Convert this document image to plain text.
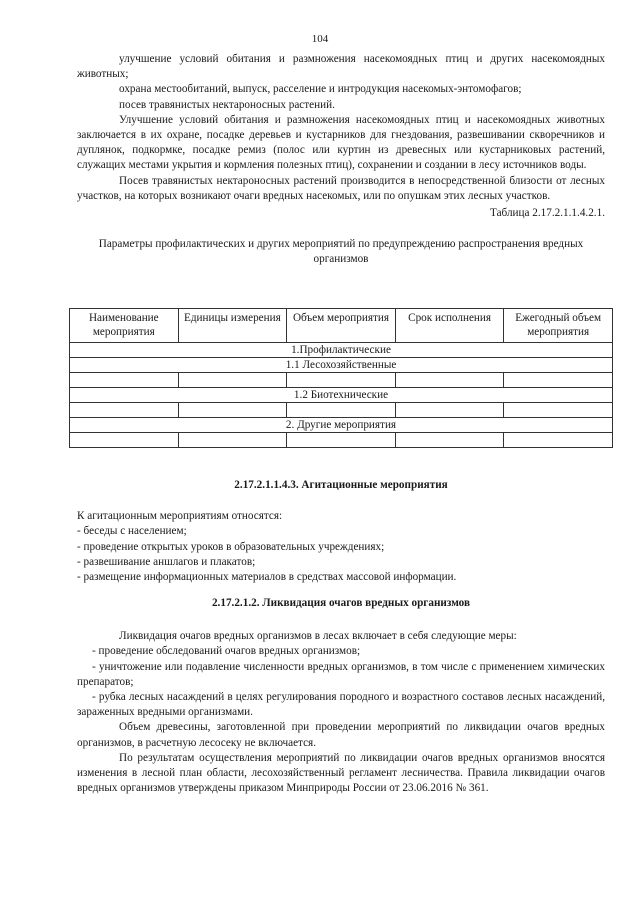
104

улучшение условий обитания и размножения насекомоядных птиц и других насекомоядных животных;

охрана местообитаний, выпуск, расселение и интродукция насекомых-энтомофагов;

посев травянистых нектароносных растений.

Улучшение условий обитания и размножения насекомоядных птиц и насекомоядных животных заключается в их охране, посадке деревьев и кустарников для гнездования, развешивании скворечников и дуплянок, подкормке, посадке ремиз (полос или куртин из древесных или кустарниковых растений, служащих местами укрытия и кормления полезных птиц), сохранении и создании в лесу источников воды.

Посев травянистых нектароносных растений производится в непосредственной близости от лесных участков, на которых возникают очаги вредных насекомых, или по опушкам этих лесных участков.

Таблица 2.17.2.1.1.4.2.1.

Параметры профилактических и других мероприятий по предупреждению распространения вредных организмов

Наименование мероприятия	Единицы измерения	Объем мероприятия	Срок исполнения	Ежегодный объем мероприятия
1.Профилактические				
1.1 Лесохозяйственные				

1.2 Биотехнические				

2. Другие мероприятия				

2.17.2.1.1.4.3. Агитационные мероприятия

К агитационным мероприятиям относятся:

- беседы с населением;

- проведение открытых уроков в образовательных учреждениях;

- развешивание аншлагов и плакатов;

- размещение информационных материалов в средствах массовой информации.

2.17.2.1.2. Ликвидация очагов вредных организмов

Ликвидация очагов вредных организмов в лесах включает в себя следующие меры:

- проведение обследований очагов вредных организмов;

- уничтожение или подавление численности вредных организмов, в том числе с применением химических препаратов;

- рубка лесных насаждений в целях регулирования породного и возрастного составов лесных насаждений, зараженных вредными организмами.

Объем древесины, заготовленной при проведении мероприятий по ликвидации очагов вредных организмов, в расчетную лесосеку не включается.

По результатам осуществления мероприятий по ликвидации очагов вредных организмов вносятся изменения в лесной план области, лесохозяйственный регламент лесничества. Правила ликвидации очагов вредных организмов утверждены приказом Минприроды России от 23.06.2016 № 361.
